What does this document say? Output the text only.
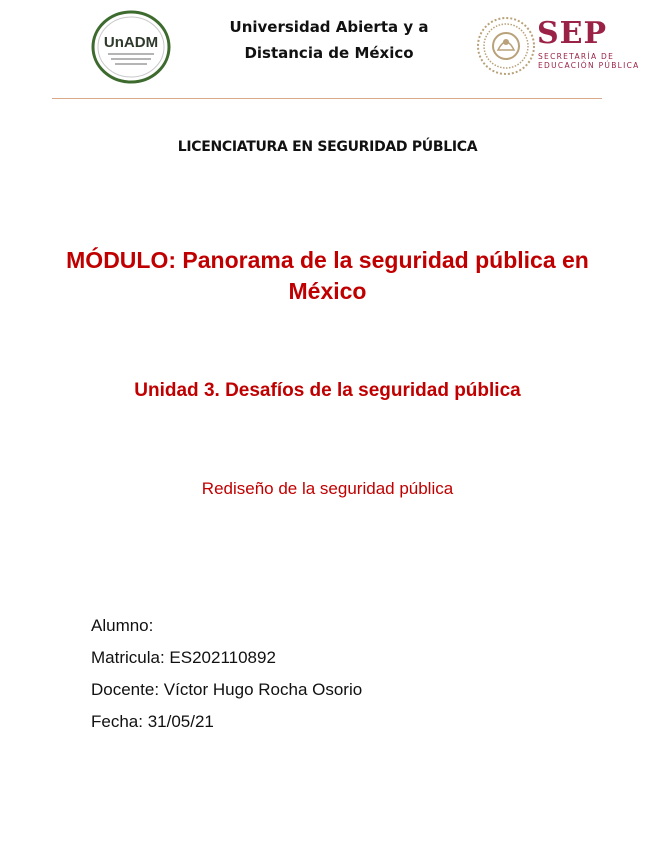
UnADM
Universidad Abierta y a
Distancia de México
SEP
SECRETARÍA DE
EDUCACIÓN PÚBLICA
LICENCIATURA EN SEGURIDAD PÚBLICA
MÓDULO: Panorama de la seguridad pública en México
Unidad 3. Desafíos de la seguridad pública
Rediseño de la seguridad pública
Alumno:
Matricula: ES202110892
Docente: Víctor Hugo Rocha Osorio
Fecha: 31/05/21
